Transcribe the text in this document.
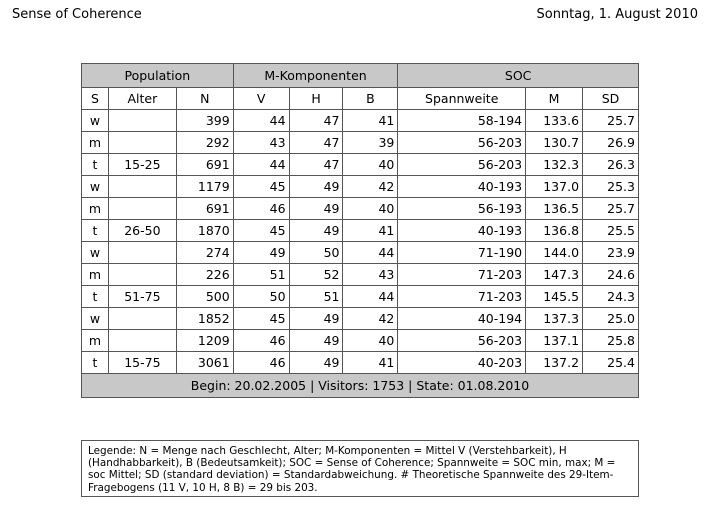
Sense of Coherence	Sonntag, 1. August 2010
Population			M-Komponenten			SOC		
S	Alter	N	V	H	B	Spannweite	M	SD
w		399	44	47	41	58-194	133.6	25.7
m		292	43	47	39	56-203	130.7	26.9
t	15-25	691	44	47	40	56-203	132.3	26.3
w		1179	45	49	42	40-193	137.0	25.3
m		691	46	49	40	56-193	136.5	25.7
t	26-50	1870	45	49	41	40-193	136.8	25.5
w		274	49	50	44	71-190	144.0	23.9
m		226	51	52	43	71-203	147.3	24.6
t	51-75	500	50	51	44	71-203	145.5	24.3
w		1852	45	49	42	40-194	137.3	25.0
m		1209	46	49	40	56-203	137.1	25.8
t	15-75	3061	46	49	41	40-203	137.2	25.4
Begin: 20.02.2005 | Visitors: 1753 | State: 01.08.2010								
Legende: N = Menge nach Geschlecht, Alter; M-Komponenten = Mittel V (Verstehbarkeit), H (Handhabbarkeit), B (Bedeutsamkeit); SOC = Sense of Coherence; Spannweite = SOC min, max; M = soc Mittel; SD (standard deviation) = Standardabweichung. # Theoretische Spannweite des 29-Item-Fragebogens (11 V, 10 H, 8 B) = 29 bis 203.
